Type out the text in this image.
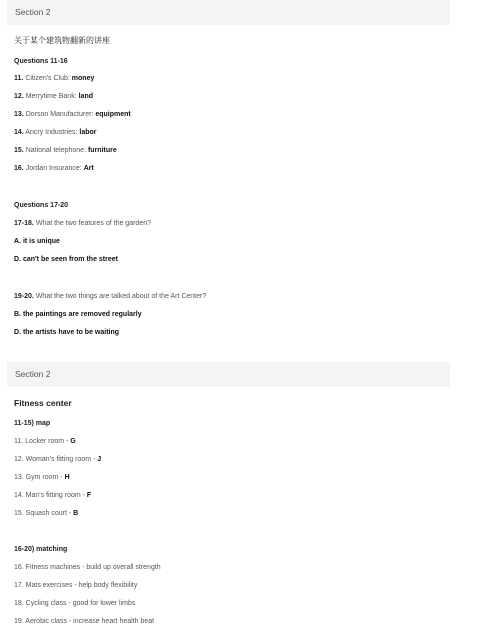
Section 2
关于某个建筑物翻新的讲座
Questions 11-16
11. Citizen's Club: money
12. Merrytime Bank: land
13. Dorson Manufacturer: equipment
14. Ancry Industries: labor
15. National telephone: furniture
16. Jordan Insurance: Art
Questions 17-20
17-18. What the two features of the garden?
A. it is unique
D. can't be seen from the street
19-20. What the two things are talked about of the Art Center?
B. the paintings are removed regularly
D. the artists have to be waiting
Section 2
Fitness center
11-15) map
11. Locker room - G
12. Woman's fitting room - J
13. Gym room - H
14. Man's fitting room - F
15. Squash court - B
16-20) matching
16. Fitness machines - build up overall strength
17. Mats exercises - help body flexibility
18. Cycling class - good for lower limbs
19. Aerobic class - increase heart health beat
